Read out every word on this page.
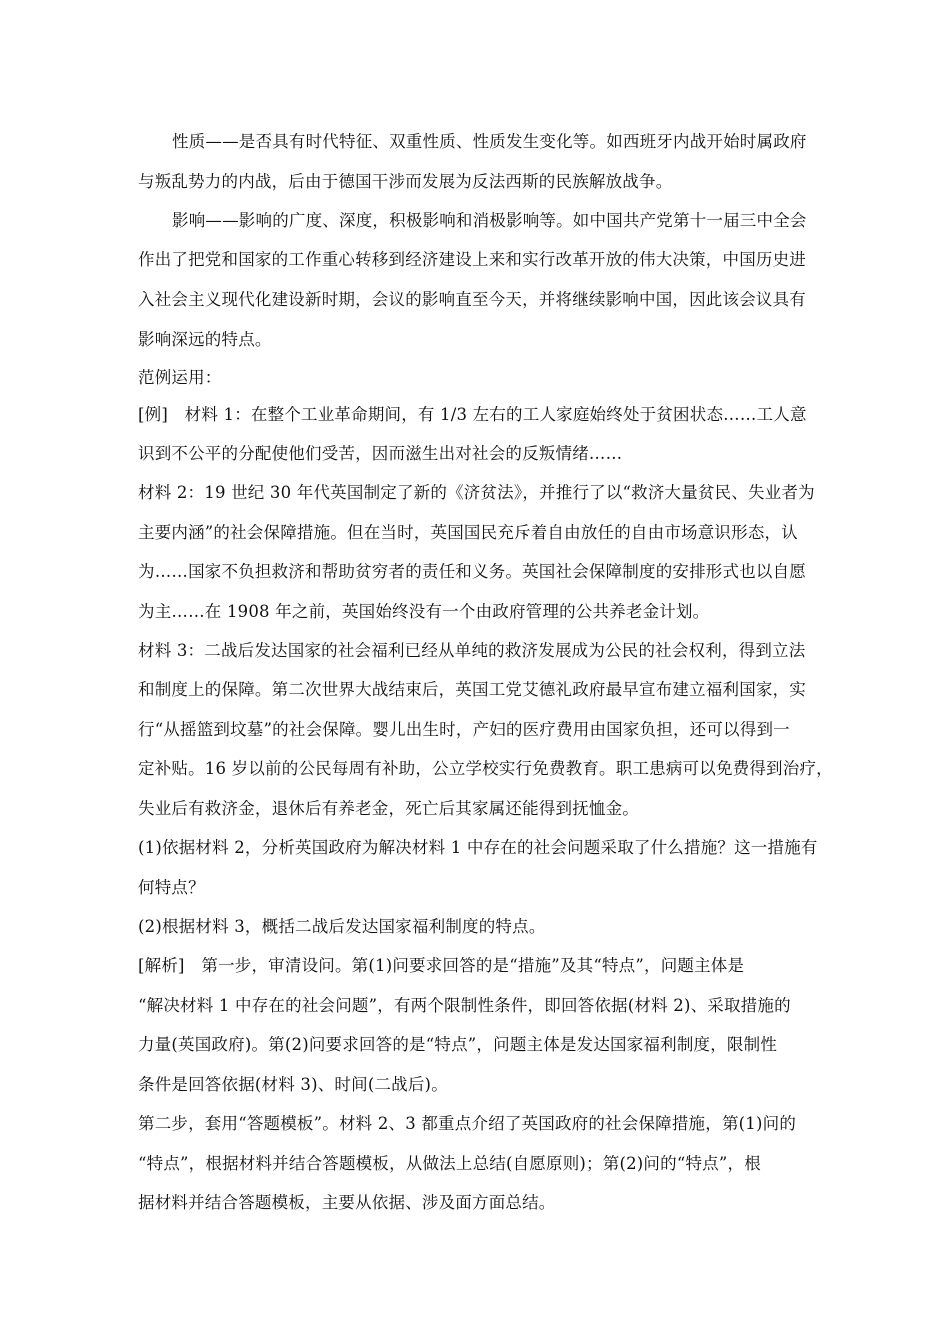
性质——是否具有时代特征、双重性质、性质发生变化等。如西班牙内战开始时属政府
与叛乱势力的内战，后由于德国干涉而发展为反法西斯的民族解放战争。
影响——影响的广度、深度，积极影响和消极影响等。如中国共产党第十一届三中全会
作出了把党和国家的工作重心转移到经济建设上来和实行改革开放的伟大决策，中国历史进
入社会主义现代化建设新时期，会议的影响直至今天，并将继续影响中国，因此该会议具有
影响深远的特点。
范例运用：
[例]　材料 1：在整个工业革命期间，有 1/3 左右的工人家庭始终处于贫困状态……工人意
识到不公平的分配使他们受苦，因而滋生出对社会的反叛情绪……
材料 2：19 世纪 30 年代英国制定了新的《济贫法》，并推行了以“救济大量贫民、失业者为
主要内涵”的社会保障措施。但在当时，英国国民充斥着自由放任的自由市场意识形态，认
为……国家不负担救济和帮助贫穷者的责任和义务。英国社会保障制度的安排形式也以自愿
为主……在 1908 年之前，英国始终没有一个由政府管理的公共养老金计划。
材料 3：二战后发达国家的社会福利已经从单纯的救济发展成为公民的社会权利，得到立法
和制度上的保障。第二次世界大战结束后，英国工党艾德礼政府最早宣布建立福利国家，实
行“从摇篮到坟墓”的社会保障。婴儿出生时，产妇的医疗费用由国家负担，还可以得到一
定补贴。16 岁以前的公民每周有补助，公立学校实行免费教育。职工患病可以免费得到治疗，
失业后有救济金，退休后有养老金，死亡后其家属还能得到抚恤金。
(1)依据材料 2，分析英国政府为解决材料 1 中存在的社会问题采取了什么措施？这一措施有
何特点？
(2)根据材料 3，概括二战后发达国家福利制度的特点。
[解析]　第一步，审清设问。第(1)问要求回答的是“措施”及其“特点”，问题主体是
“解决材料 1 中存在的社会问题”，有两个限制性条件，即回答依据(材料 2)、采取措施的
力量(英国政府)。第(2)问要求回答的是“特点”，问题主体是发达国家福利制度，限制性
条件是回答依据(材料 3)、时间(二战后)。
第二步，套用“答题模板”。材料 2、3 都重点介绍了英国政府的社会保障措施，第(1)问的
“特点”，根据材料并结合答题模板，从做法上总结(自愿原则)；第(2)问的“特点”，根
据材料并结合答题模板，主要从依据、涉及面方面总结。
